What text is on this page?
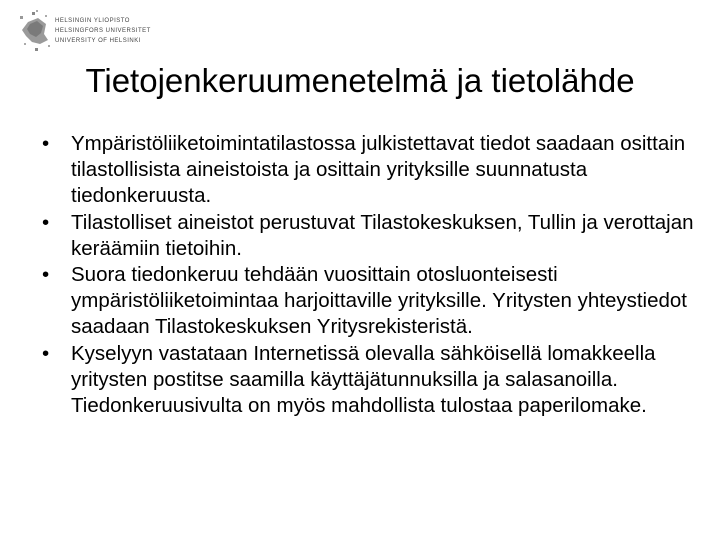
HELSINGIN YLIOPISTO
HELSINGFORS UNIVERSITET
UNIVERSITY OF HELSINKI
Tietojenkeruumenetelmä ja tietolähde
•	Ympäristöliiketoimintatilastossa julkistettavat tiedot saadaan osittain tilastollisista aineistoista ja osittain yrityksille suunnatusta tiedonkeruusta.
•	Tilastolliset aineistot perustuvat Tilastokeskuksen, Tullin ja verottajan keräämiin tietoihin.
•	Suora tiedonkeruu tehdään vuosittain otosluonteisesti ympäristöliiketoimintaa harjoittaville yrityksille. Yritysten yhteystiedot saadaan Tilastokeskuksen Yritysrekisteristä.
•	Kyselyyn vastataan Internetissä olevalla sähköisellä lomakkeella yritysten postitse saamilla käyttäjätunnuksilla ja salasanoilla. Tiedonkeruusivulta on myös mahdollista tulostaa paperilomake.
